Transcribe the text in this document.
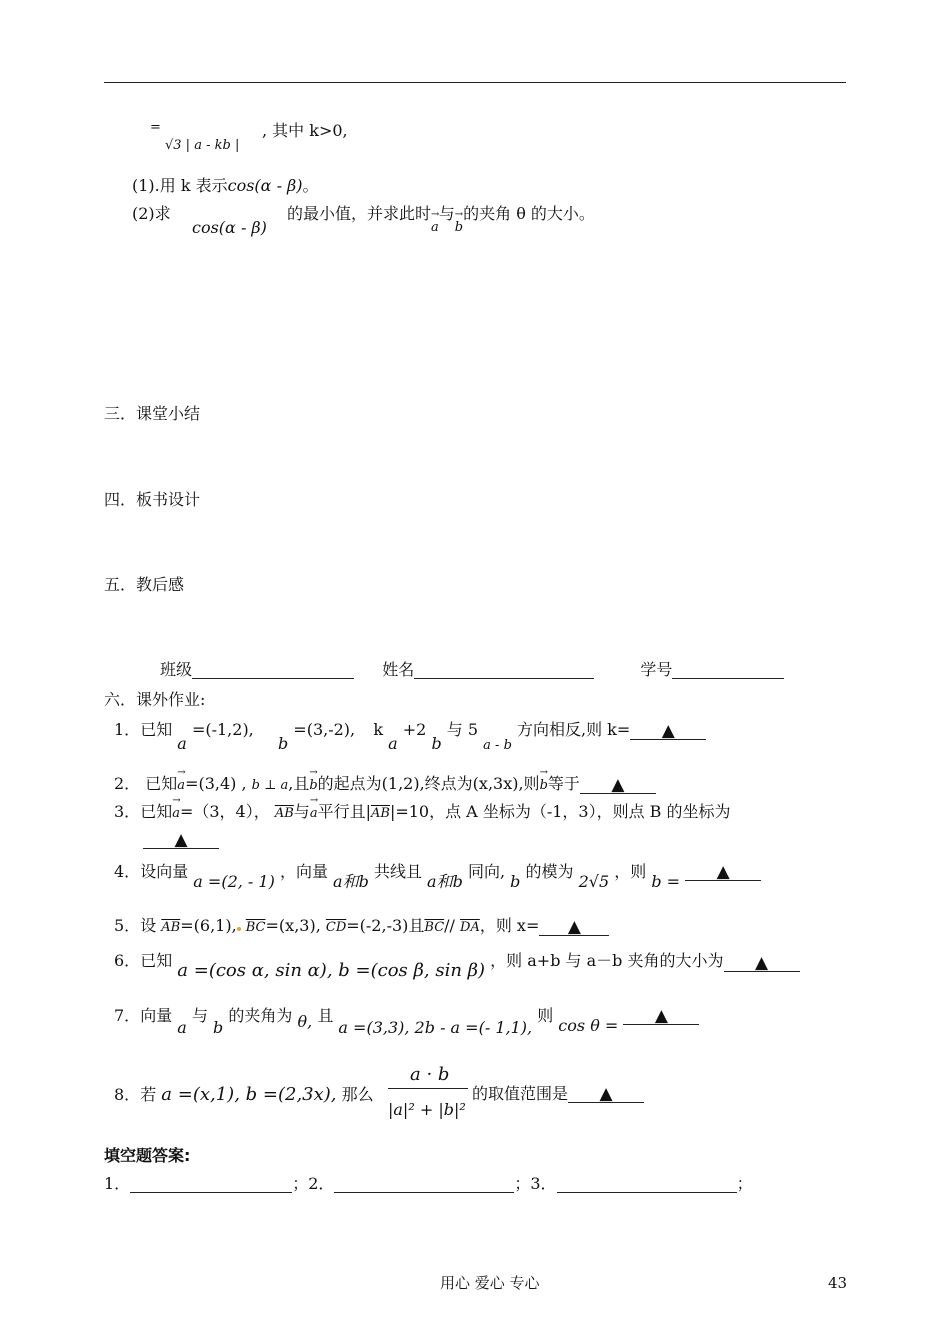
=
√3 | a - kb |
, 其中 k>0,
(1).用 k 表示cos(α - β)。
(2)求
cos(α - β)
的最小值，并求此时→ a与→ b的夹角 θ 的大小。
三．课堂小结
四．板书设计
五．教后感
班级	姓名	学号
六．课外作业:
1．已知 a =(-1,2),  b =(3,-2), k a +2 b 与 5 $_{a - b}$ 方向相反,则 k= ▲
2． 已知→ a=(3,4) , b ⊥ a,且→ b的起点为(1,2),终点为(x,3x),则→ b等于 ▲
3．已知→ a=（3，4）， $\overline{AB}$与→ a平行且$|\overline{AB}|=10$，点 A 坐标为（-1，3），则点 B 的坐标为
▲
4．设向量 a =(2, - 1) ，向量 a和b 共线且 a和b 同向, b 的模为 2√5 ，则 b = ▲
5．设 $\overline{AB}=(6,1)$, $\overline{BC}=(x,3)$, $\overline{CD}=(-2,-3)$且$\overline{BC}//$ $\overline{DA}$，则 x= ▲
6．已知 a =(cos α, sin α), b =(cos β, sin β) ，则 a+b 与 a－b 夹角的大小为 ▲
7．向量 a 与 b 的夹角为 θ, 且 a =(3,3), 2b - a =(- 1,1), 则 cos θ = ▲
8．若 a =(x,1), b =(2,3x), 那么
a · b
|a|² + |b|²
的取值范围是 ▲
填空题答案:
1．	；2．	；3．	；
用心 爱心 专心	43
